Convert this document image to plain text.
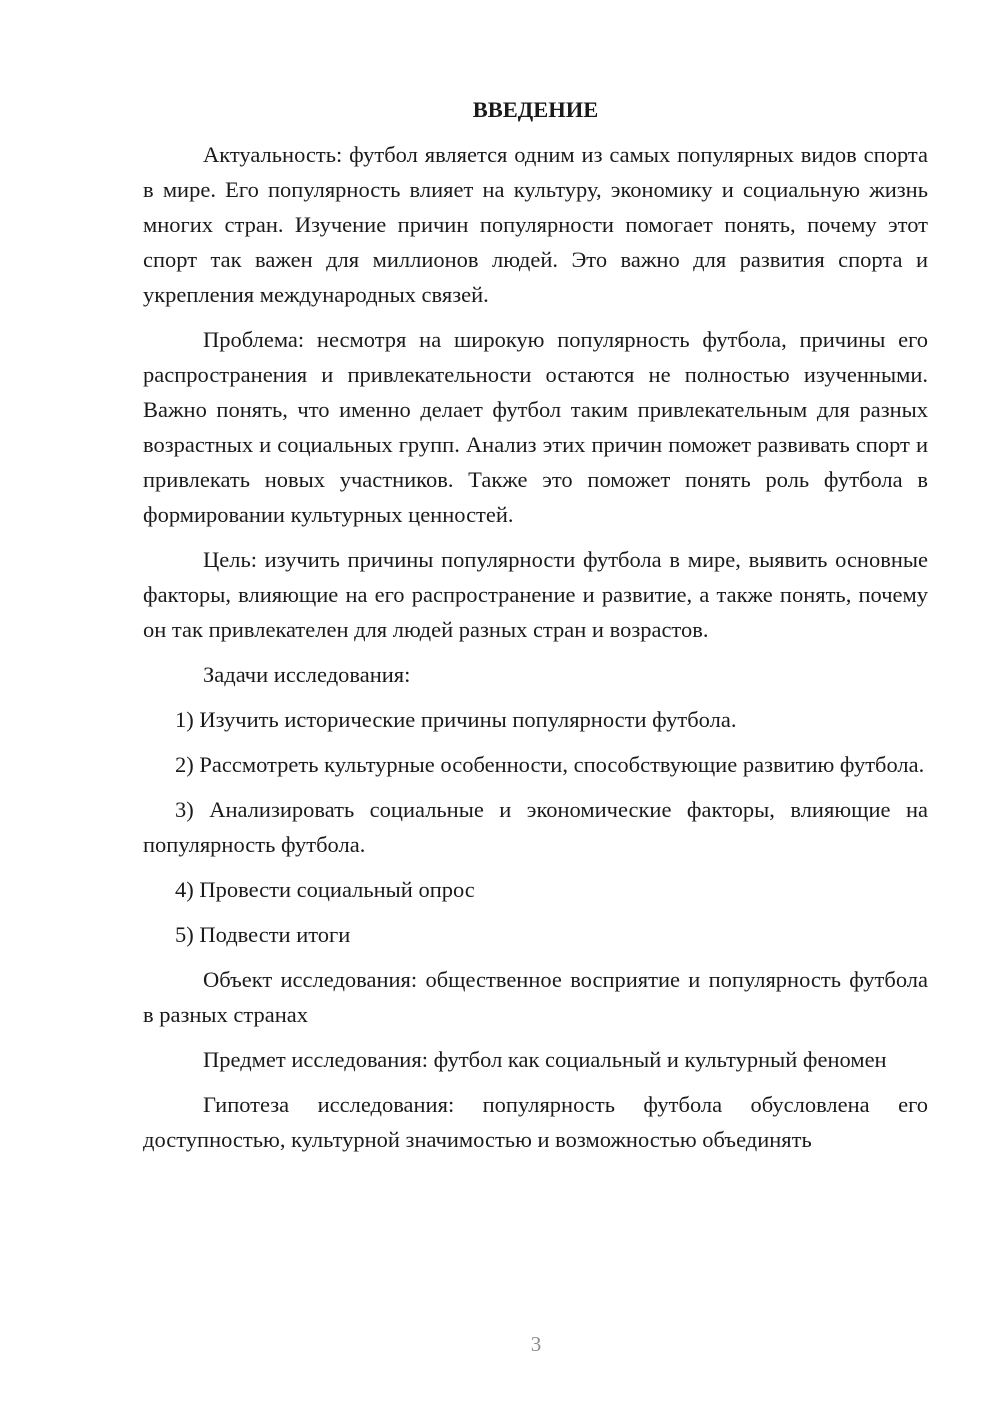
ВВЕДЕНИЕ

Актуальность: футбол является одним из самых популярных видов спорта в мире. Его популярность влияет на культуру, экономику и социальную жизнь многих стран. Изучение причин популярности помогает понять, почему этот спорт так важен для миллионов людей. Это важно для развития спорта и укрепления международных связей.

Проблема: несмотря на широкую популярность футбола, причины его распространения и привлекательности остаются не полностью изученными. Важно понять, что именно делает футбол таким привлекательным для разных возрастных и социальных групп. Анализ этих причин поможет развивать спорт и привлекать новых участников. Также это поможет понять роль футбола в формировании культурных ценностей.

Цель: изучить причины популярности футбола в мире, выявить основные факторы, влияющие на его распространение и развитие, а также понять, почему он так привлекателен для людей разных стран и возрастов.

Задачи исследования:

1) Изучить исторические причины популярности футбола.

2) Рассмотреть культурные особенности, способствующие развитию футбола.

3) Анализировать социальные и экономические факторы, влияющие на популярность футбола.

4) Провести социальный опрос

5) Подвести итоги

Объект исследования: общественное восприятие и популярность футбола в разных странах

Предмет исследования: футбол как социальный и культурный феномен

Гипотеза исследования: популярность футбола обусловлена его доступностью, культурной значимостью и возможностью объединять

3
